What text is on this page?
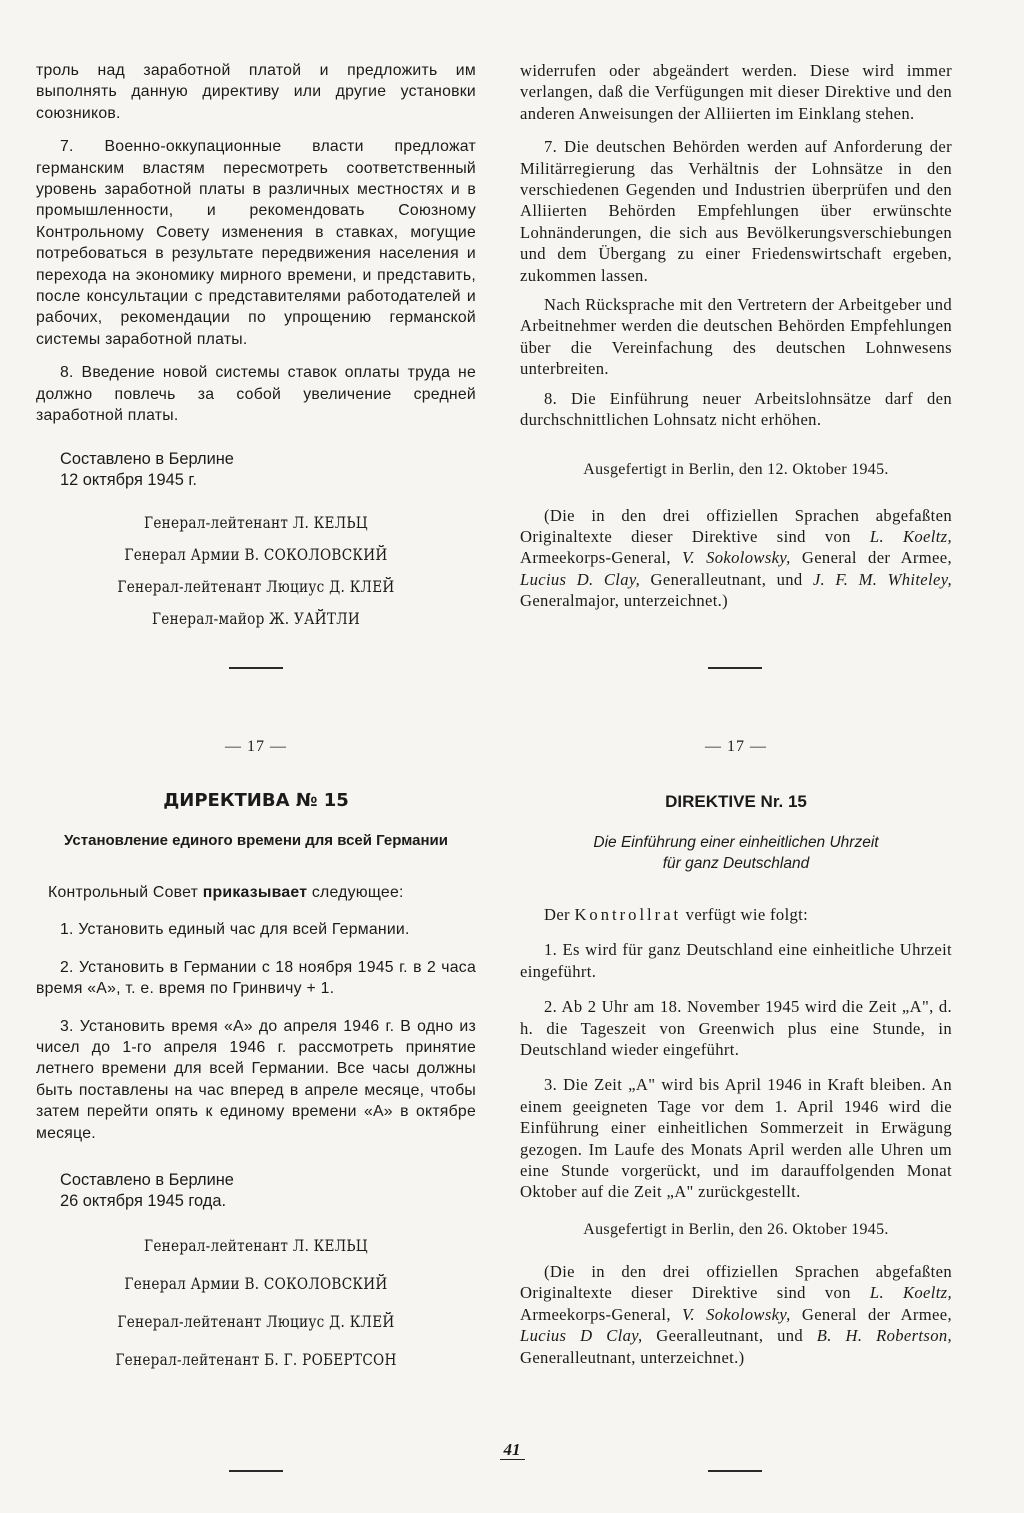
троль над заработной платой и предложить им выполнять данную директиву или другие установки союзников.

7. Военно-оккупационные власти предложат германским властям пересмотреть соответственный уровень заработной платы в различных местностях и в промышленности, и рекомендовать Союзному Контрольному Совету изменения в ставках, могущие потребоваться в результате передвижения населения и перехода на экономику мирного времени, и представить, после консультации с представителями работодателей и рабочих, рекомендации по упрощению германской системы заработной платы.

8. Введение новой системы ставок оплаты труда не должно повлечь за собой увеличение средней заработной платы.

Составлено в Берлине
12 октября 1945 г.
Генерал-лейтенант Л. КЕЛЬЦ
Генерал Армии В. СОКОЛОВСКИЙ
Генерал-лейтенант Люциус Д. КЛЕЙ
Генерал-майор Ж. УАЙТЛИ

widerrufen oder abgeändert werden. Diese wird immer verlangen, daß die Verfügungen mit dieser Direktive und den anderen Anweisungen der Alliierten im Einklang stehen.

7. Die deutschen Behörden werden auf Anforderung der Militärregierung das Verhältnis der Lohnsätze in den verschiedenen Gegenden und Industrien überprüfen und den Alliierten Behörden Empfehlungen über erwünschte Lohnänderungen, die sich aus Bevölkerungsverschiebungen und dem Übergang zu einer Friedenswirtschaft ergeben, zukommen lassen.

Nach Rücksprache mit den Vertretern der Arbeitgeber und Arbeitnehmer werden die deutschen Behörden Empfehlungen über die Vereinfachung des deutschen Lohnwesens unterbreiten.

8. Die Einführung neuer Arbeitslohnsätze darf den durchschnittlichen Lohnsatz nicht erhöhen.

Ausgefertigt in Berlin, den 12. Oktober 1945.

(Die in den drei offiziellen Sprachen abgefaßten Originaltexte dieser Direktive sind von L. Koeltz, Armeekorps-General, V. Sokolowsky, General der Armee, Lucius D. Clay, Generalleutnant, und J. F. M. Whiteley, Generalmajor, unterzeichnet.)

— 17 —
ДИРЕКТИВА № 15
Установление единого времени для всей Германии

Контрольный Совет приказывает следующее:

1. Установить единый час для всей Германии.

2. Установить в Германии с 18 ноября 1945 г. в 2 часа время «А», т. е. время по Гринвичу + 1.

3. Установить время «А» до апреля 1946 г. В одно из чисел до 1-го апреля 1946 г. рассмотреть принятие летнего времени для всей Германии. Все часы должны быть поставлены на час вперед в апреле месяце, чтобы затем перейти опять к единому времени «А» в октябре месяце.

Составлено в Берлине
26 октября 1945 года.
Генерал-лейтенант Л. КЕЛЬЦ
Генерал Армии В. СОКОЛОВСКИЙ
Генерал-лейтенант Люциус Д. КЛЕЙ
Генерал-лейтенант Б. Г. РОБЕРТСОН
— 17 —
DIREKTIVE Nr. 15
Die Einführung einer einheitlichen Uhrzeit
für ganz Deutschland

Der Kontrollrat verfügt wie folgt:

1. Es wird für ganz Deutschland eine einheitliche Uhrzeit eingeführt.

2. Ab 2 Uhr am 18. November 1945 wird die Zeit „A", d. h. die Tageszeit von Greenwich plus eine Stunde, in Deutschland wieder eingeführt.

3. Die Zeit „A" wird bis April 1946 in Kraft bleiben. An einem geeigneten Tage vor dem 1. April 1946 wird die Einführung einer einheitlichen Sommerzeit in Erwägung gezogen. Im Laufe des Monats April werden alle Uhren um eine Stunde vorgerückt, und im darauffolgenden Monat Oktober auf die Zeit „A" zurückgestellt.

Ausgefertigt in Berlin, den 26. Oktober 1945.

(Die in den drei offiziellen Sprachen abgefaßten Originaltexte dieser Direktive sind von L. Koeltz, Armeekorps-General, V. Sokolowsky, General der Armee, Lucius D Clay, Geeralleutnant, und B. H. Robertson, Generalleutnant, unterzeichnet.)

41
